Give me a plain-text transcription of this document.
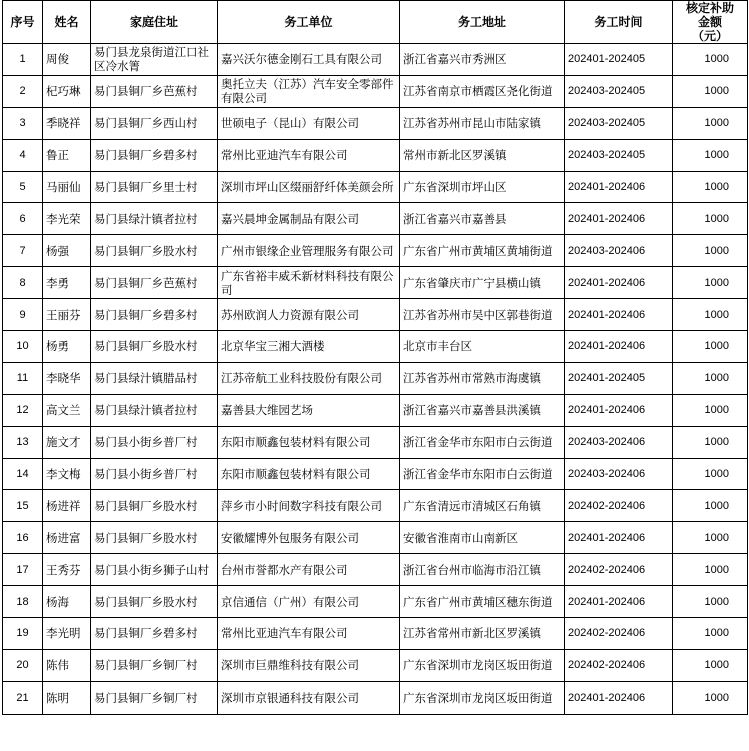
序号	姓名	家庭住址	务工单位	务工地址	务工时间	核定补助
金额
（元）

1	周俊	易门县龙泉街道江口社区冷水箐	嘉兴沃尔德金刚石工具有限公司	浙江省嘉兴市秀洲区	202401-202405	1000
2	杞巧琳	易门县铜厂乡芭蕉村	奥托立夫（江苏）汽车安全零部件有限公司	江苏省南京市栖霞区尧化街道	202403-202405	1000
3	季晓祥	易门县铜厂乡西山村	世硕电子（昆山）有限公司	江苏省苏州市昆山市陆家镇	202403-202405	1000
4	鲁正	易门县铜厂乡碧多村	常州比亚迪汽车有限公司	常州市新北区罗溪镇	202403-202405	1000
5	马丽仙	易门县铜厂乡里士村	深圳市坪山区缀丽舒纤体美颜会所	广东省深圳市坪山区	202401-202406	1000
6	李光荣	易门县绿汁镇者拉村	嘉兴晨坤金属制品有限公司	浙江省嘉兴市嘉善县	202401-202406	1000
7	杨强	易门县铜厂乡股水村	广州市银缘企业管理服务有限公司	广东省广州市黄埔区黄埔街道	202403-202406	1000
8	李勇	易门县铜厂乡芭蕉村	广东省裕丰威禾新材料科技有限公司	广东省肇庆市广宁县横山镇	202401-202406	1000
9	王丽芬	易门县铜厂乡碧多村	苏州欧润人力资源有限公司	江苏省苏州市吴中区郭巷街道	202401-202406	1000
10	杨勇	易门县铜厂乡股水村	北京华宝三湘大酒楼	北京市丰台区	202401-202406	1000
11	李晓华	易门县绿汁镇腊品村	江苏帝航工业科技股份有限公司	江苏省苏州市常熟市海虞镇	202401-202405	1000
12	高文兰	易门县绿汁镇者拉村	嘉善县大维园艺场	浙江省嘉兴市嘉善县洪溪镇	202401-202406	1000
13	施文才	易门县小街乡普厂村	东阳市顺鑫包装材料有限公司	浙江省金华市东阳市白云街道	202403-202406	1000
14	李文梅	易门县小街乡普厂村	东阳市顺鑫包装材料有限公司	浙江省金华市东阳市白云街道	202403-202406	1000
15	杨进祥	易门县铜厂乡股水村	萍乡市小时间数字科技有限公司	广东省清远市清城区石角镇	202402-202406	1000
16	杨进富	易门县铜厂乡股水村	安徽耀博外包服务有限公司	安徽省淮南市山南新区	202401-202406	1000
17	王秀芬	易门县小街乡狮子山村	台州市誉都水产有限公司	浙江省台州市临海市沿江镇	202402-202406	1000
18	杨海	易门县铜厂乡股水村	京信通信（广州）有限公司	广东省广州市黄埔区穗东街道	202401-202406	1000
19	李光明	易门县铜厂乡碧多村	常州比亚迪汽车有限公司	江苏省常州市新北区罗溪镇	202402-202406	1000
20	陈伟	易门县铜厂乡铜厂村	深圳市巨鼎维科技有限公司	广东省深圳市龙岗区坂田街道	202402-202406	1000
21	陈明	易门县铜厂乡铜厂村	深圳市京银通科技有限公司	广东省深圳市龙岗区坂田街道	202401-202406	1000
